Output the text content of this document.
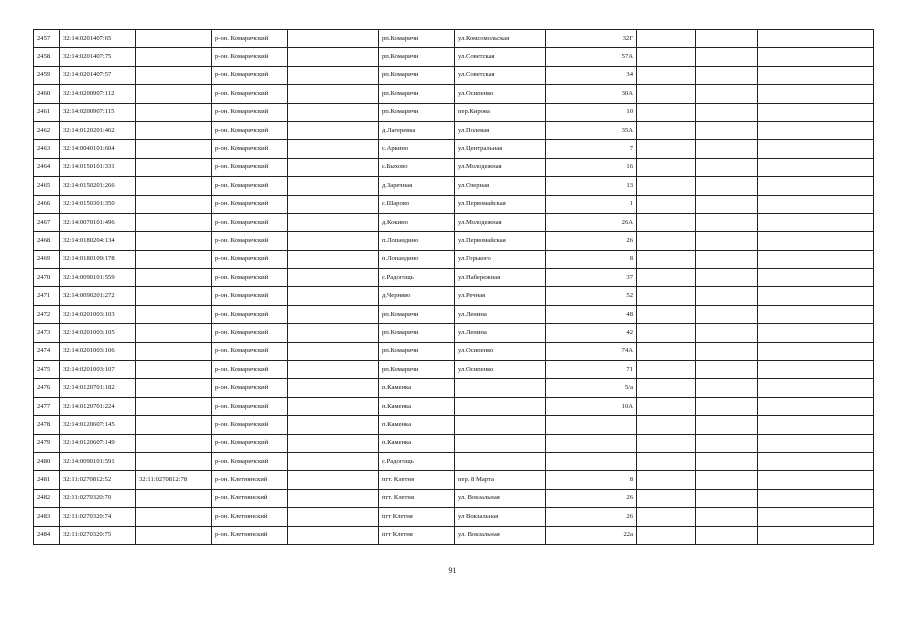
2457	32:14:0201407:65		р-он. Комаричский		рп.Комаричи	ул.Комсомольская	32Г			
2458	32:14:0201407:75		р-он. Комаричский		рп.Комаричи	ул.Советская	57А			
2459	32:14:0201407:57		р-он. Комаричский		рп.Комаричи	ул.Советская	34			
2460	32:14:0200907:112		р-он. Комаричский		рп.Комаричи	ул.Осипенко	30А			
2461	32:14:0200907:115		р-он. Комаричский		рп.Комаричи	пер.Кирова	10			
2462	32:14:0120201:462		р-он. Комаричский		д.Лагеревка	ул.Полевая	35А			
2463	32:14:0040101:604		р-он. Комаричский		с.Аркино	ул.Центральная	7			
2464	32:14:0150101:331		р-он. Комаричский		с.Быхово	ул.Молодежная	16			
2465	32:14:0150201:266		р-он. Комаричский		д.Заречная	ул.Озерная	13			
2466	32:14:0150301:350		р-он. Комаричский		с.Шарово	ул.Первомайская	1			
2467	32:14:0070101:496		р-он. Комаричский		д.Кокино	ул.Молодежная	26А			
2468	32:14:0180204:134		р-он. Комаричский		п.Лопандино	ул.Первомайская	26			
2469	32:14:0180109:178		р-он. Комаричский		п.Лопандино	ул.Горького	8			
2470	32:14:0090101:559		р-он. Комаричский		с.Радогощь	ул.Набережная	37			
2471	32:14:0090201:272		р-он. Комаричский		д.Черняво	ул.Речная	52			
2472	32:14:0201003:103		р-он. Комаричский		рп.Комаричи	ул.Ленина	48			
2473	32:14:0201003:105		р-он. Комаричский		рп.Комаричи	ул.Ленина	42			
2474	32:14:0201003:106		р-он. Комаричский		рп.Комаричи	ул.Осипенко	74А			
2475	32:14:0201003:107		р-он. Комаричский		рп.Комаричи	ул.Осипенко	71			
2476	32:14:0120701:182		р-он. Комаричский		п.Каменка		5/а			
2477	32:14:0120701:224		р-он. Комаричский		п.Каменка		10А			
2478	32:14:0120607:145		р-он. Комаричский		п.Каменка					
2479	32:14:0120607:149		р-он. Комаричский		п.Каменка					
2480	32:14:0090101:591		р-он. Комаричский		с.Радогощь					
2481	32:11:0270812:52	32:11:0270812:78	р-он. Клетнянский		пгт. Клетня	пер. 8 Марта	8			
2482	32:11:0270320:70		р-он. Клетнянский		пгт. Клетня	ул. Вокзальная	26			
2483	32:11:0270320:74		р-он. Клетнянский		пгт Клетня	ул Вокзальная	26			
2484	32:11:0270320:75		р-он. Клетнянский		пгт Клетня	ул. Вокзальная	22а			
91
